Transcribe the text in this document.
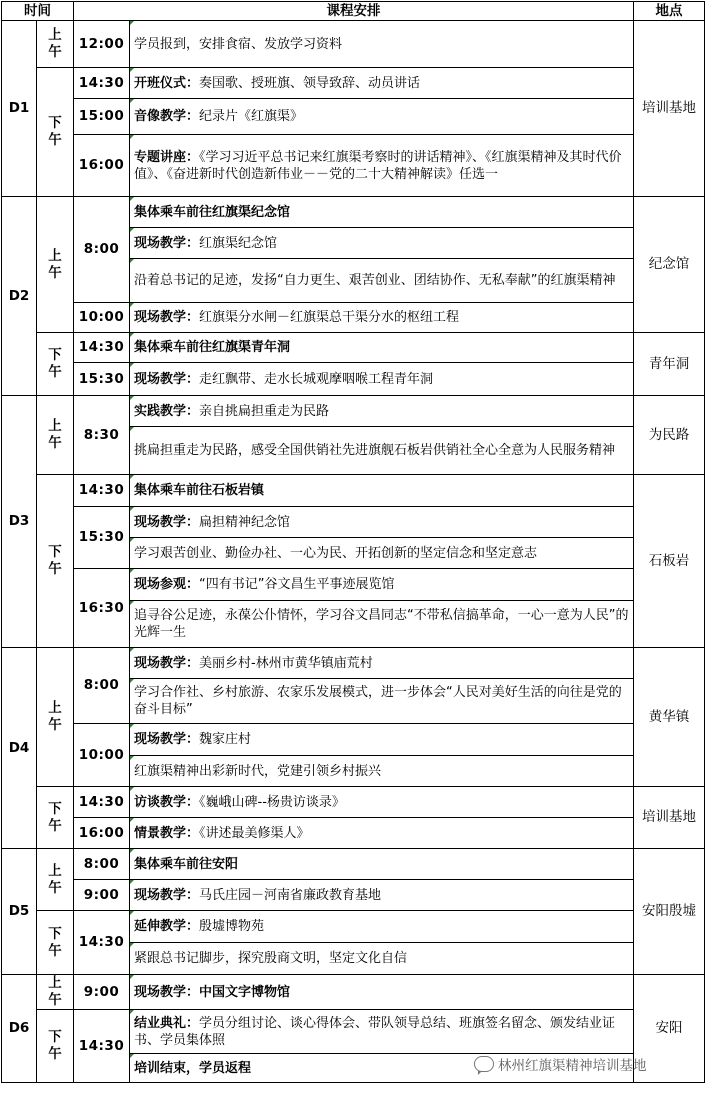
时间		课程安排		地点
D1	上午	12:00	学员报到，安排食宿、发放学习资料	培训基地
	下午	14:30	开班仪式：奏国歌、授班旗、领导致辞、动员讲话	
		15:00	音像教学：纪录片《红旗渠》	
		16:00	专题讲座：《学习习近平总书记来红旗渠考察时的讲话精神》、《红旗渠精神及其时代价值》、《奋进新时代创造新伟业－－党的二十大精神解读》任选一	
D2	上午	8:00	集体乘车前往红旗渠纪念馆	纪念馆
			现场教学：红旗渠纪念馆	
			沿着总书记的足迹，发扬“自力更生、艰苦创业、团结协作、无私奉献”的红旗渠精神	
		10:00	现场教学：红旗渠分水闸－红旗渠总干渠分水的枢纽工程	
	下午	14:30	集体乘车前往红旗渠青年洞	青年洞
		15:30	现场教学：走红飘带、走水长城观摩咽喉工程青年洞	
D3	上午	8:30	实践教学：亲自挑扁担重走为民路	为民路
			挑扁担重走为民路，感受全国供销社先进旗舰石板岩供销社全心全意为人民服务精神	
	下午	14:30	集体乘车前往石板岩镇	石板岩
		15:30	现场教学：扁担精神纪念馆	
			学习艰苦创业、勤俭办社、一心为民、开拓创新的坚定信念和坚定意志	
		16:30	现场参观：“四有书记”谷文昌生平事迹展览馆	
			追寻谷公足迹，永葆公仆情怀，学习谷文昌同志“不带私信搞革命，一心一意为人民”的光辉一生	
D4	上午	8:00	现场教学：美丽乡村-林州市黄华镇庙荒村	黄华镇
			学习合作社、乡村旅游、农家乐发展模式，进一步体会“人民对美好生活的向往是党的奋斗目标”	
		10:00	现场教学：魏家庄村	
			红旗渠精神出彩新时代，党建引领乡村振兴	
	下午	14:30	访谈教学：《巍峨山碑--杨贵访谈录》	培训基地
		16:00	情景教学：《讲述最美修渠人》	
D5	上午	8:00	集体乘车前往安阳	安阳殷墟
		9:00	现场教学：马氏庄园－河南省廉政教育基地	
	下午	14:30	延伸教学：殷墟博物苑	
			紧跟总书记脚步，探究殷商文明，坚定文化自信	
D6	上午	9:00	现场教学：中国文字博物馆	安阳
	下午	14:30	结业典礼：学员分组讨论、谈心得体会、带队领导总结、班旗签名留念、颁发结业证书、学员集体照	
			培训结束，学员返程		林州红旗渠精神培训基地
